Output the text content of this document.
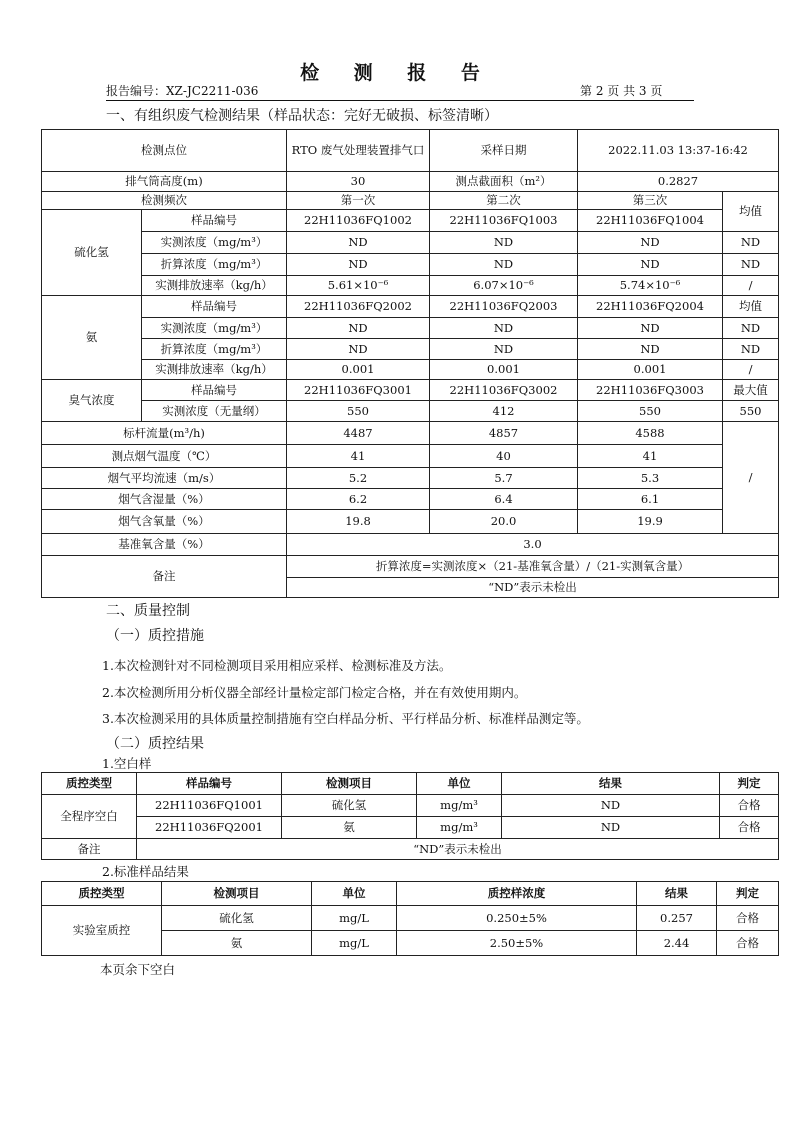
检 测 报 告
报告编号：XZ-JC2211-036	第 2 页 共 3 页
一、有组织废气检测结果（样品状态：完好无破损、标签清晰）
检测点位		RTO 废气处理装置排气口	采样日期	2022.11.03 13:37-16:42	
排气筒高度(m)		30	测点截面积（m²）	0.2827	
检测频次		第一次	第二次	第三次	均值
硫化氢	样品编号	22H11036FQ1002	22H11036FQ1003	22H11036FQ1004	
	实测浓度（mg/m³）	ND	ND	ND	ND
	折算浓度（mg/m³）	ND	ND	ND	ND
	实测排放速率（kg/h）	5.61×10⁻⁶	6.07×10⁻⁶	5.74×10⁻⁶	/
氨	样品编号	22H11036FQ2002	22H11036FQ2003	22H11036FQ2004	均值
	实测浓度（mg/m³）	ND	ND	ND	ND
	折算浓度（mg/m³）	ND	ND	ND	ND
	实测排放速率（kg/h）	0.001	0.001	0.001	/
臭气浓度	样品编号	22H11036FQ3001	22H11036FQ3002	22H11036FQ3003	最大值
	实测浓度（无量纲）	550	412	550	550
标杆流量(m³/h)		4487	4857	4588	/
测点烟气温度（℃）		41	40	41	
烟气平均流速（m/s）		5.2	5.7	5.3	
烟气含湿量（%）		6.2	6.4	6.1	
烟气含氧量（%）		19.8	20.0	19.9	
基准氧含量（%）		3.0			
备注		折算浓度=实测浓度×（21-基准氧含量）/（21-实测氧含量）			
		“ND”表示未检出			
二、质量控制
（一）质控措施
1.本次检测针对不同检测项目采用相应采样、检测标准及方法。
2.本次检测所用分析仪器全部经计量检定部门检定合格，并在有效使用期内。
3.本次检测采用的具体质量控制措施有空白样品分析、平行样品分析、标准样品测定等。
（二）质控结果
1.空白样
质控类型	样品编号	检测项目	单位	结果	判定
全程序空白	22H11036FQ1001	硫化氢	mg/m³	ND	合格
	22H11036FQ2001	氨	mg/m³	ND	合格
备注	“ND”表示未检出				
2.标准样品结果
质控类型	检测项目	单位	质控样浓度	结果	判定
实验室质控	硫化氢	mg/L	0.250±5%	0.257	合格
	氨	mg/L	2.50±5%	2.44	合格
本页余下空白
